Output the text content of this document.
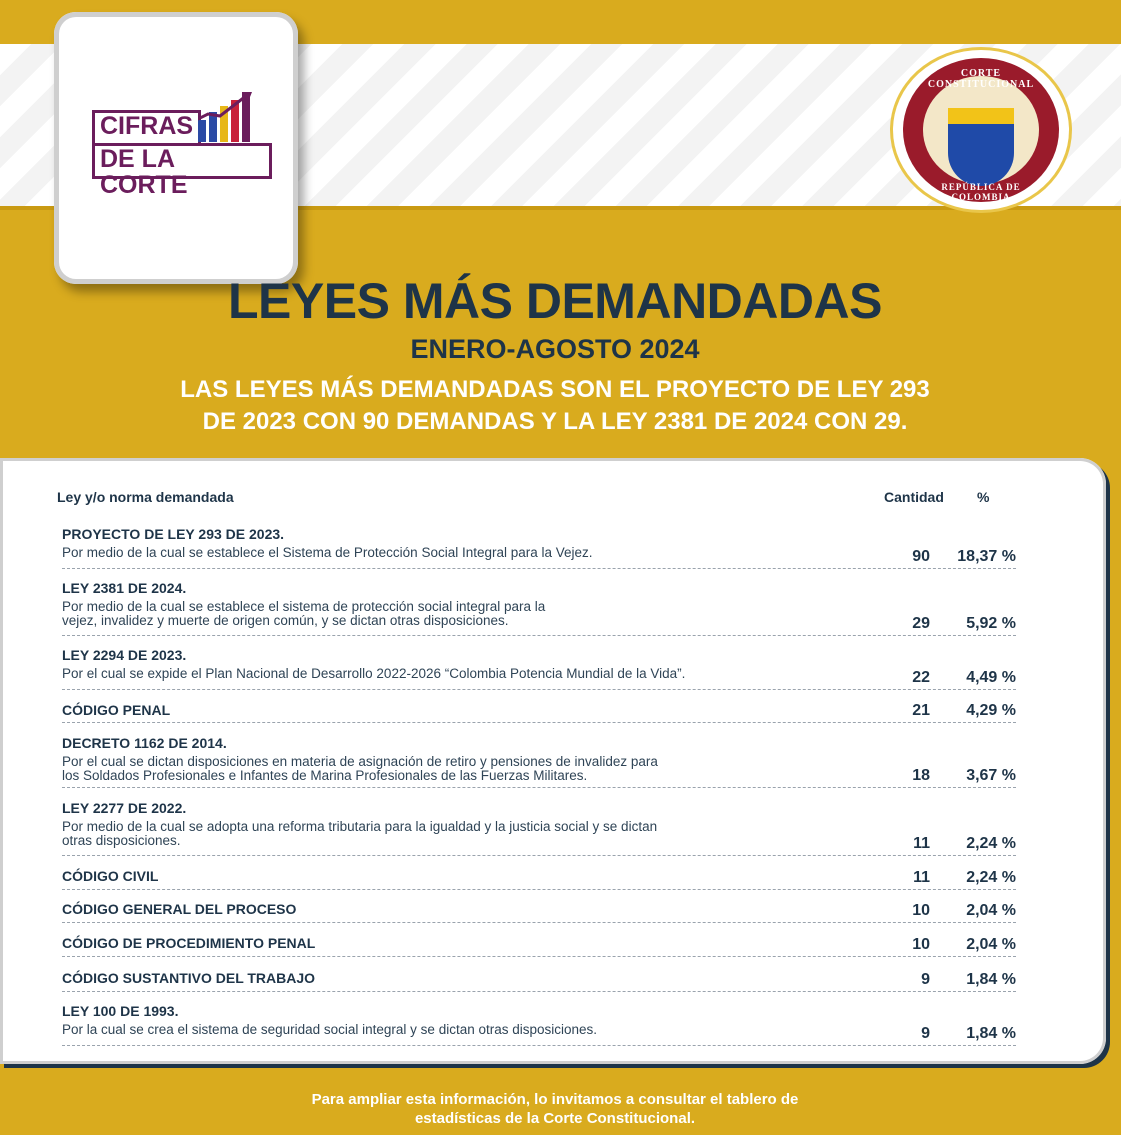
CIFRAS
DE LA CORTE
CORTE CONSTITUCIONAL
REPÚBLICA DE COLOMBIA
LEYES MÁS DEMANDADAS
ENERO-AGOSTO 2024
LAS LEYES MÁS DEMANDADAS SON EL PROYECTO DE LEY 293
DE 2023 CON 90 DEMANDAS Y LA LEY 2381 DE 2024 CON 29.
Ley y/o norma demandada	Cantidad %
PROYECTO DE LEY 293 DE 2023.
Por medio de la cual se establece el Sistema de Protección Social Integral para la Vejez.	90 18,37 %
LEY 2381 DE 2024.
Por medio de la cual se establece el sistema de protección social integral para la
vejez, invalidez y muerte de origen común, y se dictan otras disposiciones.	29 5,92 %
LEY 2294 DE 2023.
Por el cual se expide el Plan Nacional de Desarrollo 2022-2026 “Colombia Potencia Mundial de la Vida”.	22 4,49 %
CÓDIGO PENAL	21 4,29 %
DECRETO 1162 DE 2014.
Por el cual se dictan disposiciones en materia de asignación de retiro y pensiones de invalidez para
los Soldados Profesionales e Infantes de Marina Profesionales de las Fuerzas Militares.	18 3,67 %
LEY 2277 DE 2022.
Por medio de la cual se adopta una reforma tributaria para la igualdad y la justicia social y se dictan
otras disposiciones.	11 2,24 %
CÓDIGO CIVIL	11 2,24 %
CÓDIGO GENERAL DEL PROCESO	10 2,04 %
CÓDIGO DE PROCEDIMIENTO PENAL	10 2,04 %
CÓDIGO SUSTANTIVO DEL TRABAJO	9 1,84 %
LEY 100 DE 1993.
Por la cual se crea el sistema de seguridad social integral y se dictan otras disposiciones.	9 1,84 %
Para ampliar esta información, lo invitamos a consultar el tablero de
estadísticas de la Corte Constitucional.
